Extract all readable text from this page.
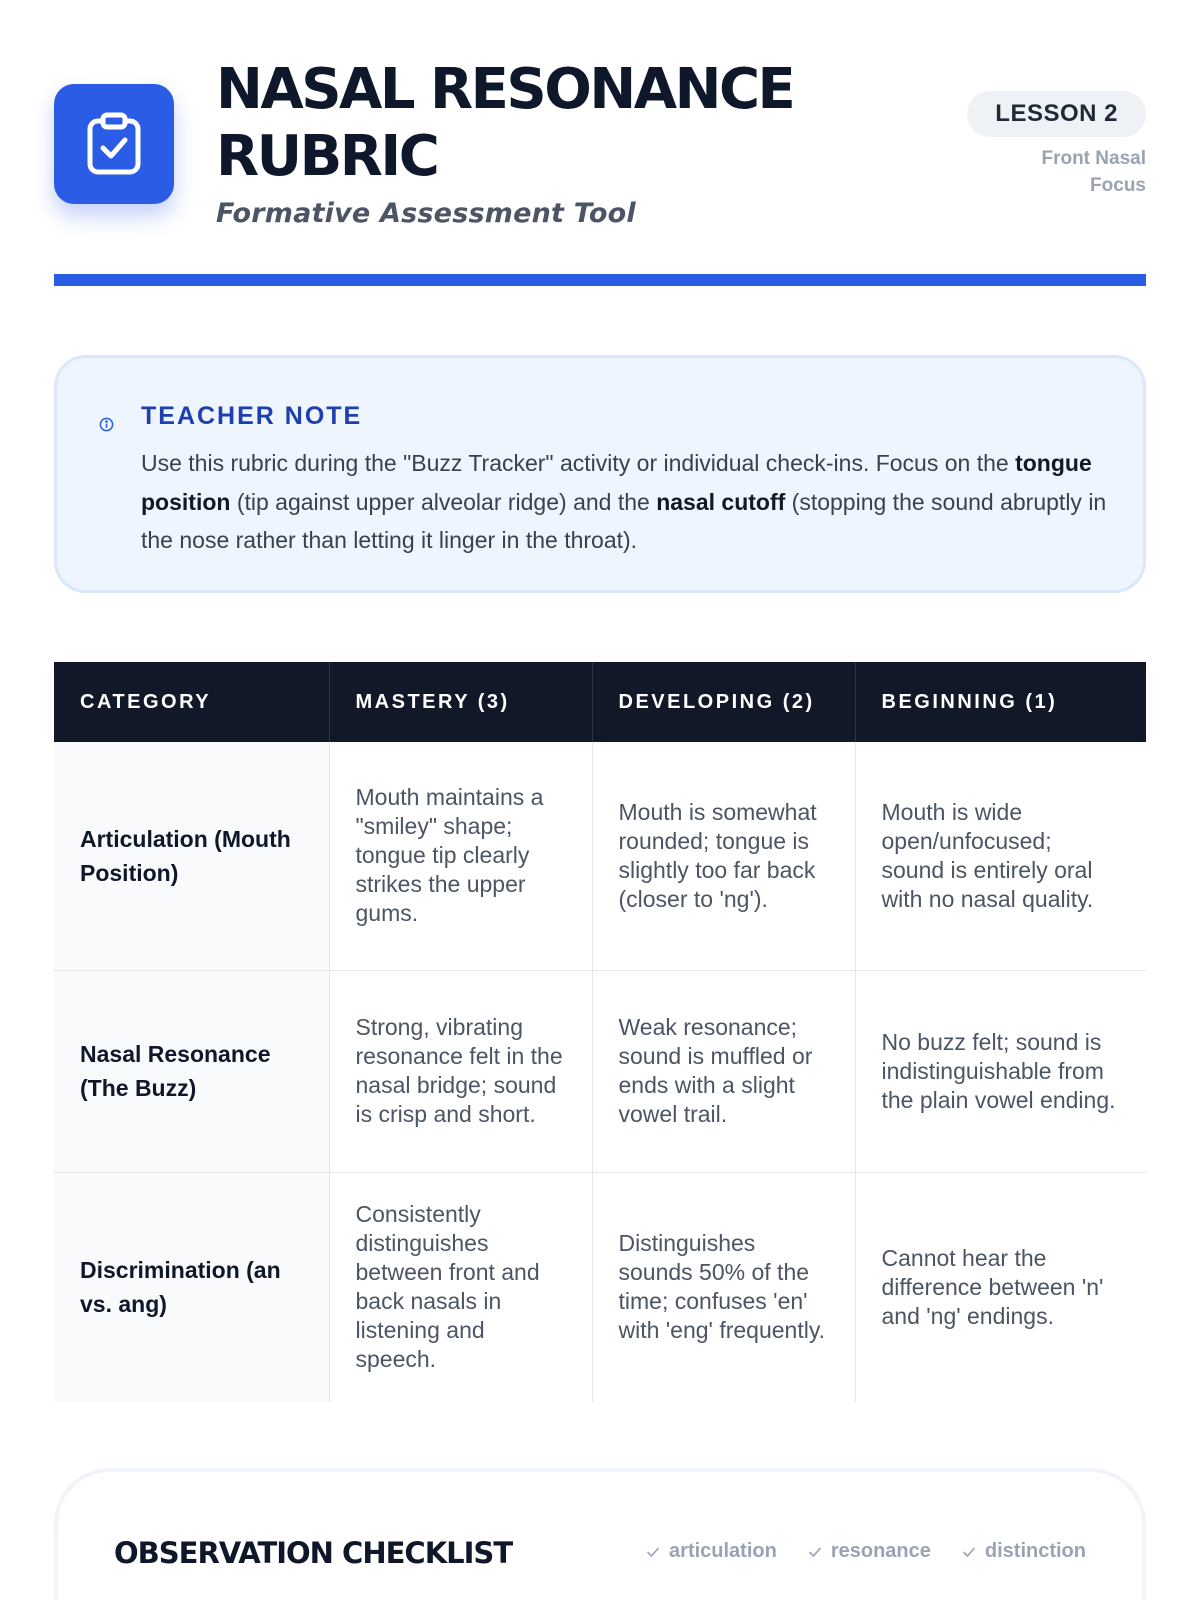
NASAL RESONANCE
RUBRIC
Formative Assessment Tool
LESSON 2
Front Nasal
Focus
TEACHER NOTE
Use this rubric during the "Buzz Tracker" activity or individual check-ins. Focus on the tongue position (tip against upper alveolar ridge) and the nasal cutoff (stopping the sound abruptly in the nose rather than letting it linger in the throat).
CATEGORY	MASTERY (3)	DEVELOPING (2)	BEGINNING (1)
Articulation (Mouth Position)	Mouth maintains a "smiley" shape; tongue tip clearly strikes the upper gums.	Mouth is somewhat rounded; tongue is slightly too far back (closer to 'ng').	Mouth is wide open/unfocused; sound is entirely oral with no nasal quality.
Nasal Resonance (The Buzz)	Strong, vibrating resonance felt in the nasal bridge; sound is crisp and short.	Weak resonance; sound is muffled or ends with a slight vowel trail.	No buzz felt; sound is indistinguishable from the plain vowel ending.
Discrimination (an vs. ang)	Consistently distinguishes between front and back nasals in listening and speech.	Distinguishes sounds 50% of the time; confuses 'en' with 'eng' frequently.	Cannot hear the difference between 'n' and 'ng' endings.
OBSERVATION CHECKLIST	articulation	resonance	distinction
